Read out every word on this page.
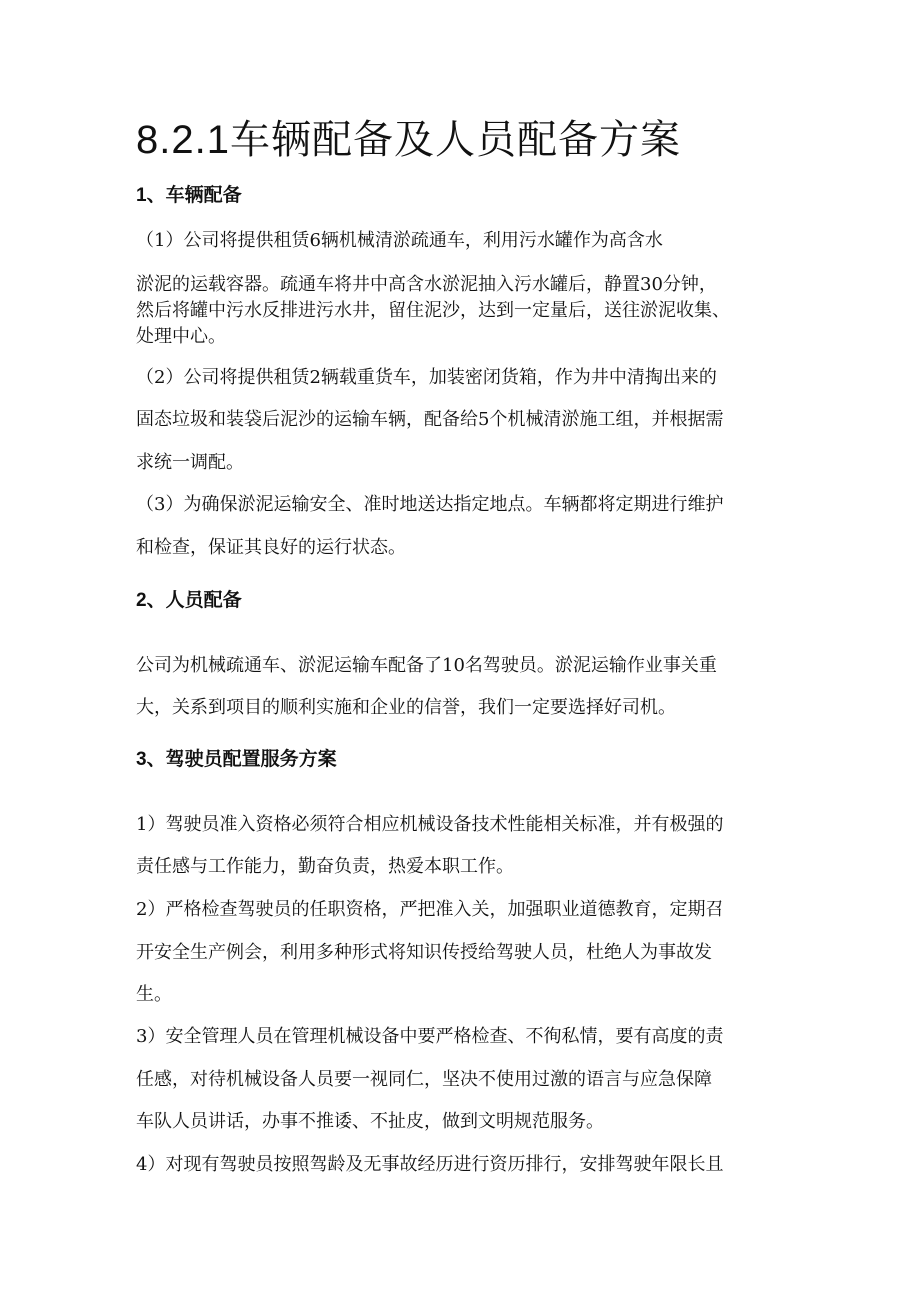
8.2.1车辆配备及人员配备方案
1、车辆配备
（1）公司将提供租赁6辆机械清淤疏通车，利用污水罐作为高含水
淤泥的运载容器。疏通车将井中高含水淤泥抽入污水罐后，静置30分钟，
然后将罐中污水反排进污水井，留住泥沙，达到一定量后，送往淤泥收集、
处理中心。
（2）公司将提供租赁2辆载重货车，加装密闭货箱，作为井中清掏出来的
固态垃圾和装袋后泥沙的运输车辆，配备给5个机械清淤施工组，并根据需
求统一调配。
（3）为确保淤泥运输安全、准时地送达指定地点。车辆都将定期进行维护
和检查，保证其良好的运行状态。
2、人员配备
公司为机械疏通车、淤泥运输车配备了10名驾驶员。淤泥运输作业事关重
大，关系到项目的顺利实施和企业的信誉，我们一定要选择好司机。
3、驾驶员配置服务方案
1）驾驶员准入资格必须符合相应机械设备技术性能相关标准，并有极强的
责任感与工作能力，勤奋负责，热爱本职工作。
2）严格检查驾驶员的任职资格，严把准入关，加强职业道德教育，定期召
开安全生产例会，利用多种形式将知识传授给驾驶人员，杜绝人为事故发
生。
3）安全管理人员在管理机械设备中要严格检查、不徇私情，要有高度的责
任感，对待机械设备人员要一视同仁，坚决不使用过激的语言与应急保障
车队人员讲话，办事不推诿、不扯皮，做到文明规范服务。
4）对现有驾驶员按照驾龄及无事故经历进行资历排行，安排驾驶年限长且
